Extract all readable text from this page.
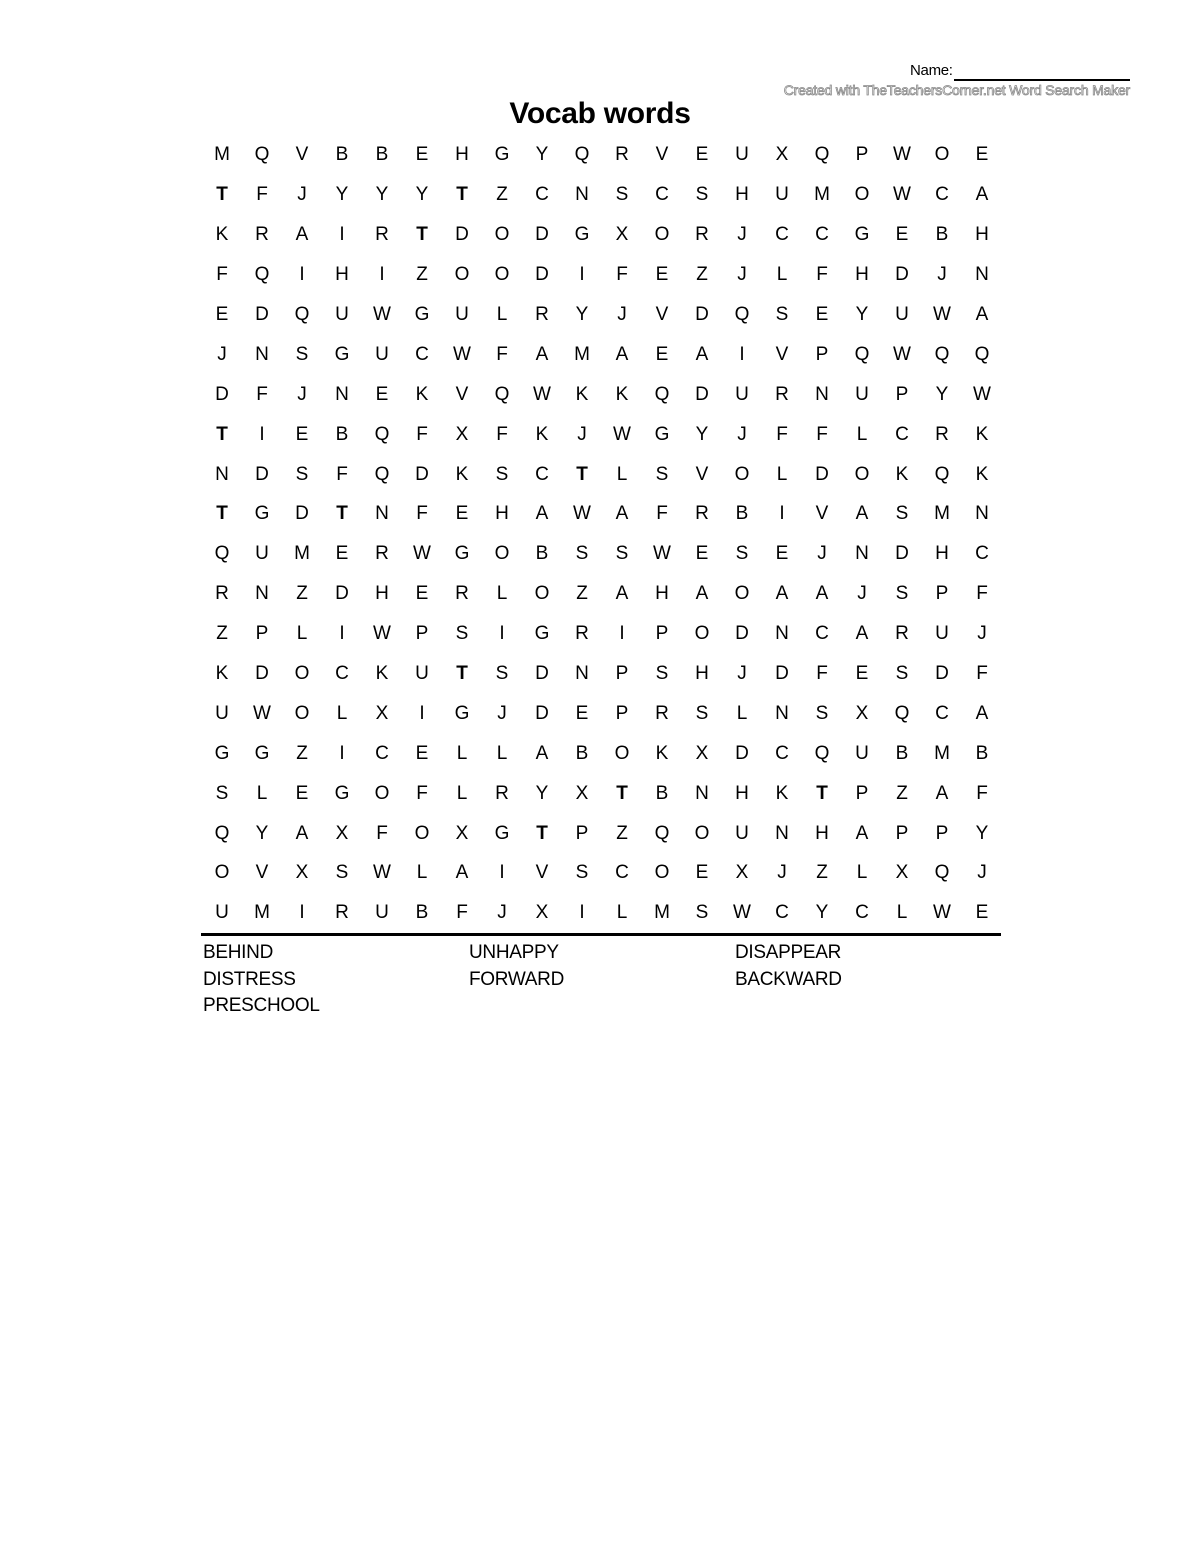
Name:
Created with TheTeachersCorner.net Word Search Maker
Vocab words
M	Q	V	B	B	E	H	G	Y	Q	R	V	E	U	X	Q	P	W	O	E
T	F	J	Y	Y	Y	T	Z	C	N	S	C	S	H	U	M	O	W	C	A
K	R	A	I	R	T	D	O	D	G	X	O	R	J	C	C	G	E	B	H
F	Q	I	H	I	Z	O	O	D	I	F	E	Z	J	L	F	H	D	J	N
E	D	Q	U	W	G	U	L	R	Y	J	V	D	Q	S	E	Y	U	W	A
J	N	S	G	U	C	W	F	A	M	A	E	A	I	V	P	Q	W	Q	Q
D	F	J	N	E	K	V	Q	W	K	K	Q	D	U	R	N	U	P	Y	W
T	I	E	B	Q	F	X	F	K	J	W	G	Y	J	F	F	L	C	R	K
N	D	S	F	Q	D	K	S	C	T	L	S	V	O	L	D	O	K	Q	K
T	G	D	T	N	F	E	H	A	W	A	F	R	B	I	V	A	S	M	N
Q	U	M	E	R	W	G	O	B	S	S	W	E	S	E	J	N	D	H	C
R	N	Z	D	H	E	R	L	O	Z	A	H	A	O	A	A	J	S	P	F
Z	P	L	I	W	P	S	I	G	R	I	P	O	D	N	C	A	R	U	J
K	D	O	C	K	U	T	S	D	N	P	S	H	J	D	F	E	S	D	F
U	W	O	L	X	I	G	J	D	E	P	R	S	L	N	S	X	Q	C	A
G	G	Z	I	C	E	L	L	A	B	O	K	X	D	C	Q	U	B	M	B
S	L	E	G	O	F	L	R	Y	X	T	B	N	H	K	T	P	Z	A	F
Q	Y	A	X	F	O	X	G	T	P	Z	Q	O	U	N	H	A	P	P	Y
O	V	X	S	W	L	A	I	V	S	C	O	E	X	J	Z	L	X	Q	J
U	M	I	R	U	B	F	J	X	I	L	M	S	W	C	Y	C	L	W	E
BEHIND	UNHAPPY	DISAPPEAR
DISTRESS	FORWARD	BACKWARD
PRESCHOOL
